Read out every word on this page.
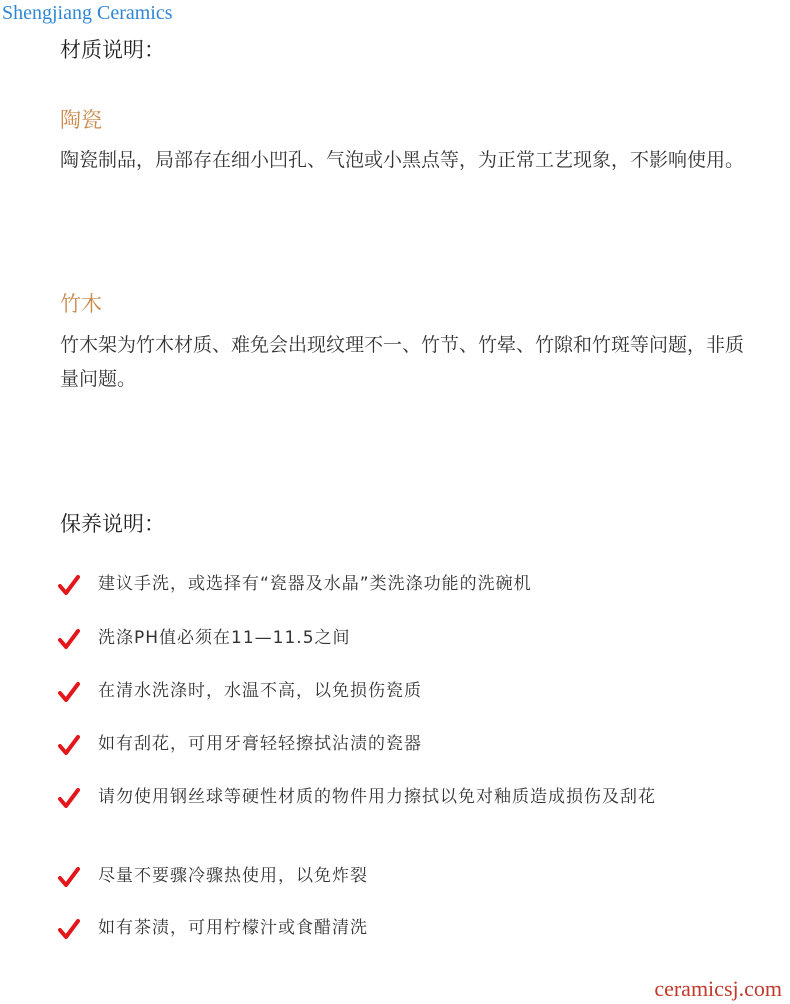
Shengjiang Ceramics
材质说明：
陶瓷
陶瓷制品，局部存在细小凹孔、气泡或小黑点等，为正常工艺现象，不影响使用。
竹木
竹木架为竹木材质、难免会出现纹理不一、竹节、竹晕、竹隙和竹斑等问题，非质量问题。
保养说明：
建议手洗，或选择有“瓷器及水晶”类洗涤功能的洗碗机
洗涤PH值必须在11—11.5之间
在清水洗涤时，水温不高，以免损伤瓷质
如有刮花，可用牙膏轻轻擦拭沾渍的瓷器
请勿使用钢丝球等硬性材质的物件用力擦拭以免对釉质造成损伤及刮花
尽量不要骤冷骤热使用，以免炸裂
如有茶渍，可用柠檬汁或食醋清洗
ceramicsj.com
